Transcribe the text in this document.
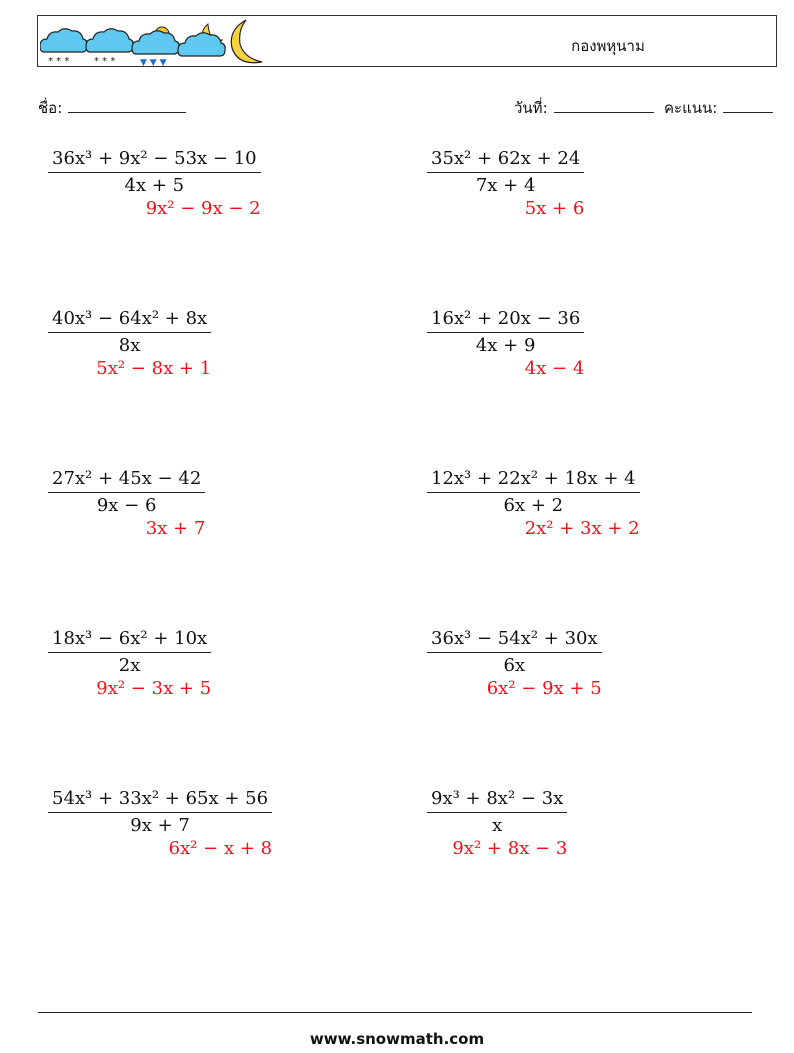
* * * * * *	▼ ▼ ▼
กองพหุนาม
ชื่อ:	วันที่:	คะแนน:
36x³ + 9x² − 53x − 10
4x + 5
9x² − 9x − 2
35x² + 62x + 24
7x + 4
5x + 6
40x³ − 64x² + 8x
8x
5x² − 8x + 1
16x² + 20x − 36
4x + 9
4x − 4
27x² + 45x − 42
9x − 6
3x + 7
12x³ + 22x² + 18x + 4
6x + 2
2x² + 3x + 2
18x³ − 6x² + 10x
2x
9x² − 3x + 5
36x³ − 54x² + 30x
6x
6x² − 9x + 5
54x³ + 33x² + 65x + 56
9x + 7
6x² − x + 8
9x³ + 8x² − 3x
x
9x² + 8x − 3
www.snowmath.com
